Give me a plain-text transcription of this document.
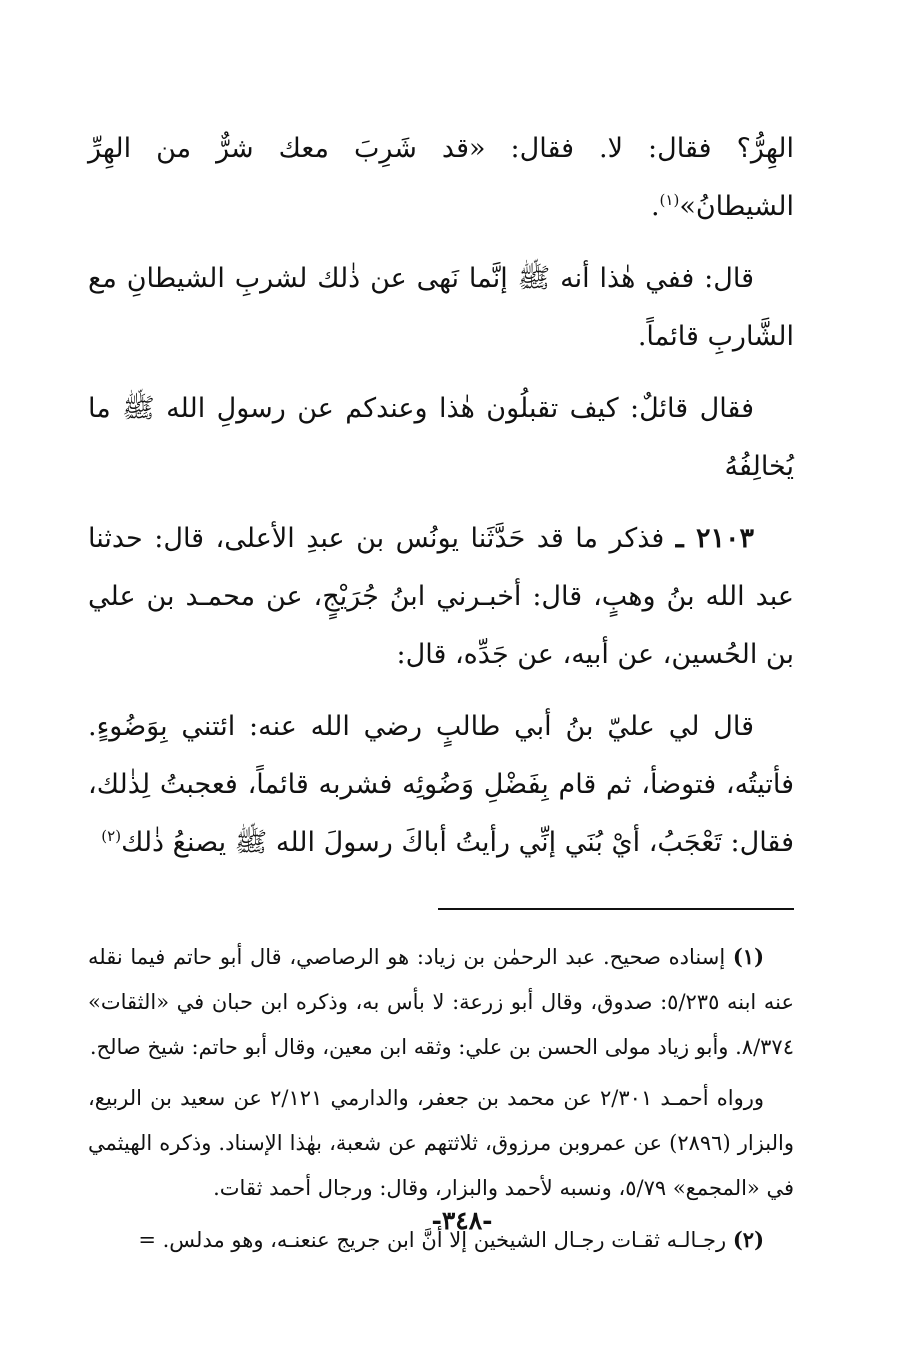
الهِرُّ؟ فقال: لا. فقال: «قد شَرِبَ معك شرٌّ من الهِرِّ الشيطانُ»$^{(١)}$.

قال: ففي هٰذا أنه ﷺ إنَّما نَهى عن ذٰلك لشربِ الشيطانِ مع الشَّاربِ قائماً.

فقال قائلٌ: كيف تقبلُون هٰذا وعندكم عن رسولِ الله ﷺ ما يُخالِفُهُ

٢١٠٣ ـ فذكر ما قد حَدَّثَنا يونُس بن عبدِ الأعلى، قال: حدثنا عبد الله بنُ وهبٍ، قال: أخبـرني ابنُ جُرَيْجٍ، عن محمـد بن علي بن الحُسين، عن أبيه، عن جَدِّه، قال:

قال لي عليّ بنُ أبي طالبٍ رضي الله عنه: ائتني بِوَضُوءٍ. فأتيتُه، فتوضأ، ثم قام بِفَضْلِ وَضُوئِه فشربه قائماً، فعجبتُ لِذٰلك، فقال: تَعْجَبُ، أيْ بُنَي إنِّي رأيتُ أباكَ رسولَ الله ﷺ يصنعُ ذٰلك$^{(٢)}$

(١) إسناده صحيح. عبد الرحمٰن بن زياد: هو الرصاصي، قال أبو حاتم فيما نقله عنه ابنه ٥/٢٣٥: صدوق، وقال أبو زرعة: لا بأس به، وذكره ابن حبان في «الثقات» ٨/٣٧٤. وأبو زياد مولى الحسن بن علي: وثقه ابن معين، وقال أبو حاتم: شيخ صالح.

ورواه أحمـد ٢/٣٠١ عن محمد بن جعفر، والدارمي ٢/١٢١ عن سعيد بن الربيع، والبزار (٢٨٩٦) عن عمروبن مرزوق، ثلاثتهم عن شعبة، بهٰذا الإسناد. وذكره الهيثمي في «المجمع» ٥/٧٩، ونسبه لأحمد والبزار، وقال: ورجال أحمد ثقات.

(٢) رجـالـه ثقـات رجـال الشيخين إلا أنَّ ابن جريج عنعنـه، وهو مدلس. =

-٣٤٨-
